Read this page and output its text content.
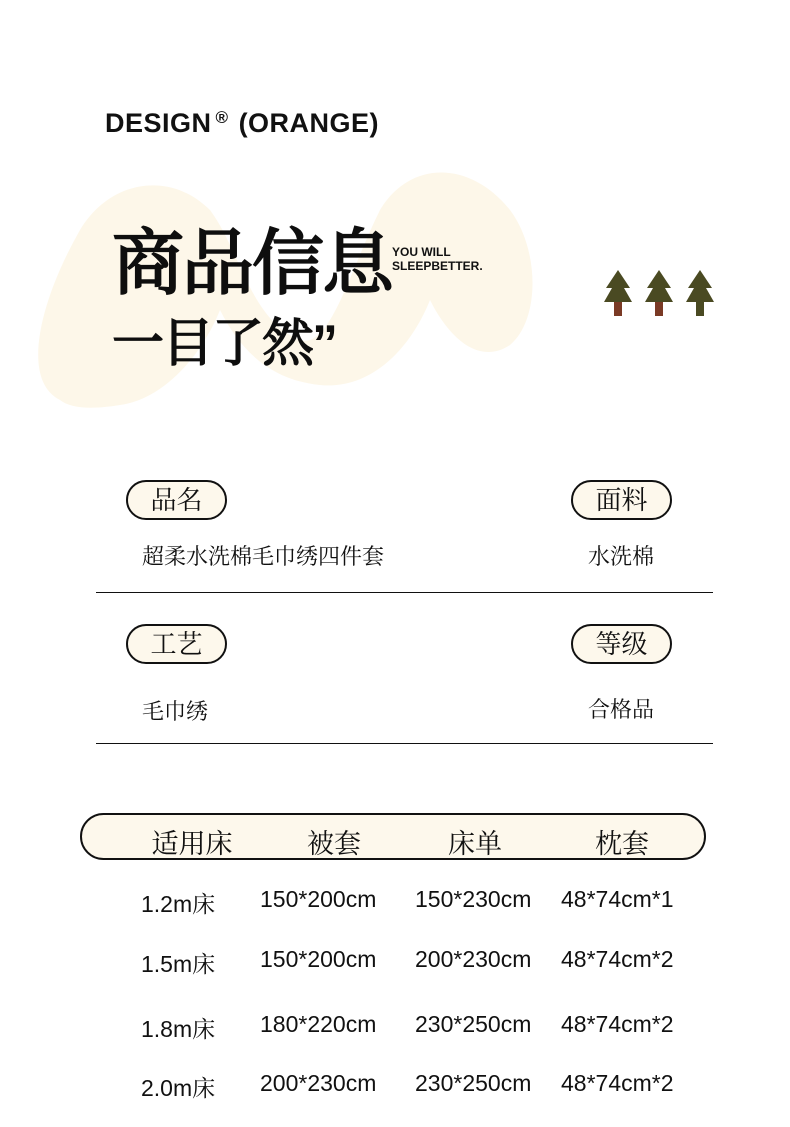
DESIGN ® (ORANGE)
商品信息
一目了然”
YOU WILL
SLEEPBETTER.
品名	面料
超柔水洗棉毛巾绣四件套	水洗棉
工艺	等级
毛巾绣	合格品
适用床	被套	床单	枕套
1.2m床 150*200cm 150*230cm 48*74cm*1
1.5m床 150*200cm 200*230cm 48*74cm*2
1.8m床 180*220cm 230*250cm 48*74cm*2
2.0m床 200*230cm 230*250cm 48*74cm*2
